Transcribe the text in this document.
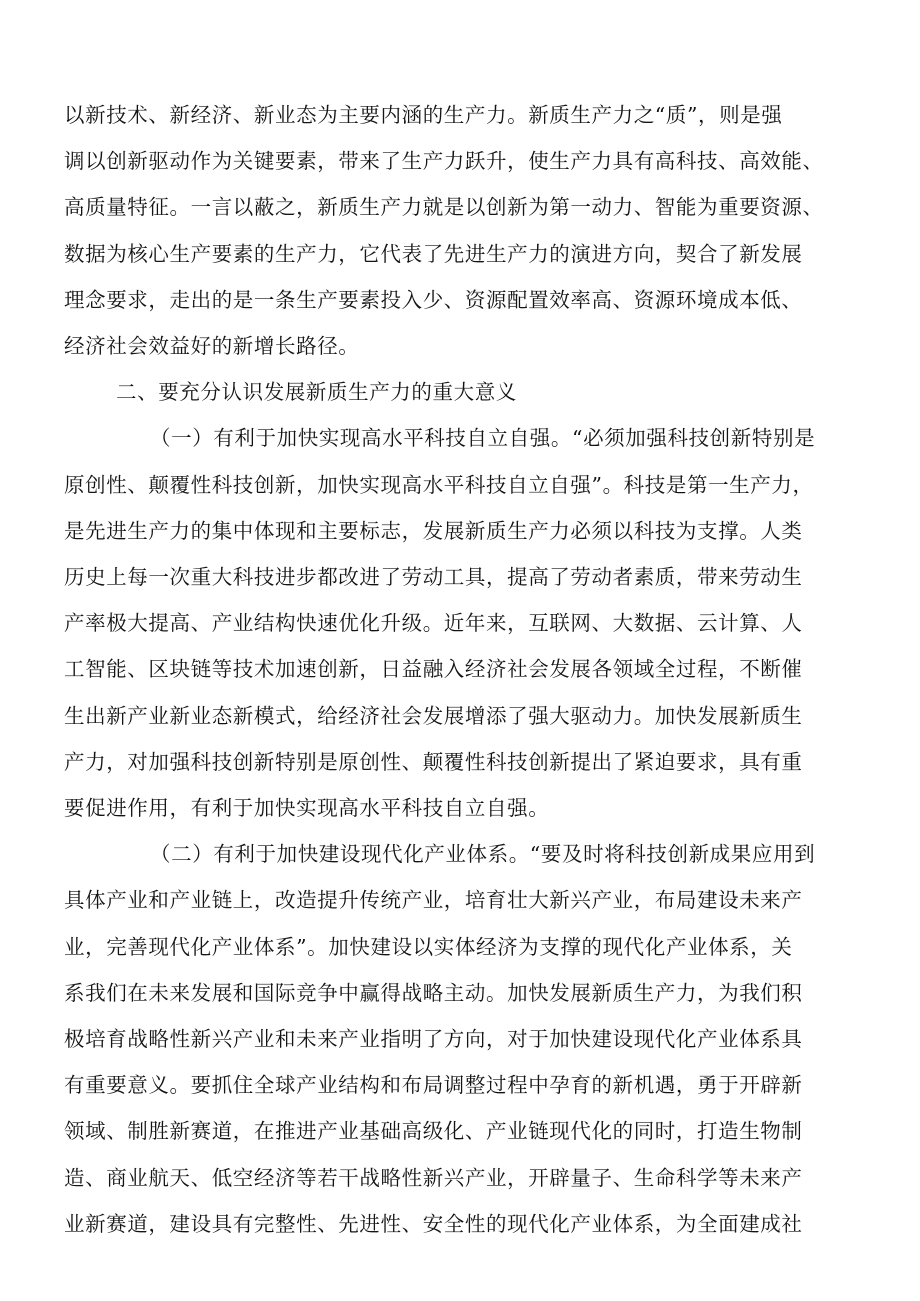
以新技术、新经济、新业态为主要内涵的生产力。新质生产力之“质”，则是强
调以创新驱动作为关键要素，带来了生产力跃升，使生产力具有高科技、高效能、
高质量特征。一言以蔽之，新质生产力就是以创新为第一动力、智能为重要资源、
数据为核心生产要素的生产力，它代表了先进生产力的演进方向，契合了新发展
理念要求，走出的是一条生产要素投入少、资源配置效率高、资源环境成本低、
经济社会效益好的新增长路径。
二、要充分认识发展新质生产力的重大意义
（一）有利于加快实现高水平科技自立自强。“必须加强科技创新特别是
原创性、颠覆性科技创新，加快实现高水平科技自立自强”。科技是第一生产力，
是先进生产力的集中体现和主要标志，发展新质生产力必须以科技为支撑。人类
历史上每一次重大科技进步都改进了劳动工具，提高了劳动者素质，带来劳动生
产率极大提高、产业结构快速优化升级。近年来，互联网、大数据、云计算、人
工智能、区块链等技术加速创新，日益融入经济社会发展各领域全过程，不断催
生出新产业新业态新模式，给经济社会发展增添了强大驱动力。加快发展新质生
产力，对加强科技创新特别是原创性、颠覆性科技创新提出了紧迫要求，具有重
要促进作用，有利于加快实现高水平科技自立自强。
（二）有利于加快建设现代化产业体系。“要及时将科技创新成果应用到
具体产业和产业链上，改造提升传统产业，培育壮大新兴产业，布局建设未来产
业，完善现代化产业体系”。加快建设以实体经济为支撑的现代化产业体系，关
系我们在未来发展和国际竞争中赢得战略主动。加快发展新质生产力，为我们积
极培育战略性新兴产业和未来产业指明了方向，对于加快建设现代化产业体系具
有重要意义。要抓住全球产业结构和布局调整过程中孕育的新机遇，勇于开辟新
领域、制胜新赛道，在推进产业基础高级化、产业链现代化的同时，打造生物制
造、商业航天、低空经济等若干战略性新兴产业，开辟量子、生命科学等未来产
业新赛道，建设具有完整性、先进性、安全性的现代化产业体系，为全面建成社
